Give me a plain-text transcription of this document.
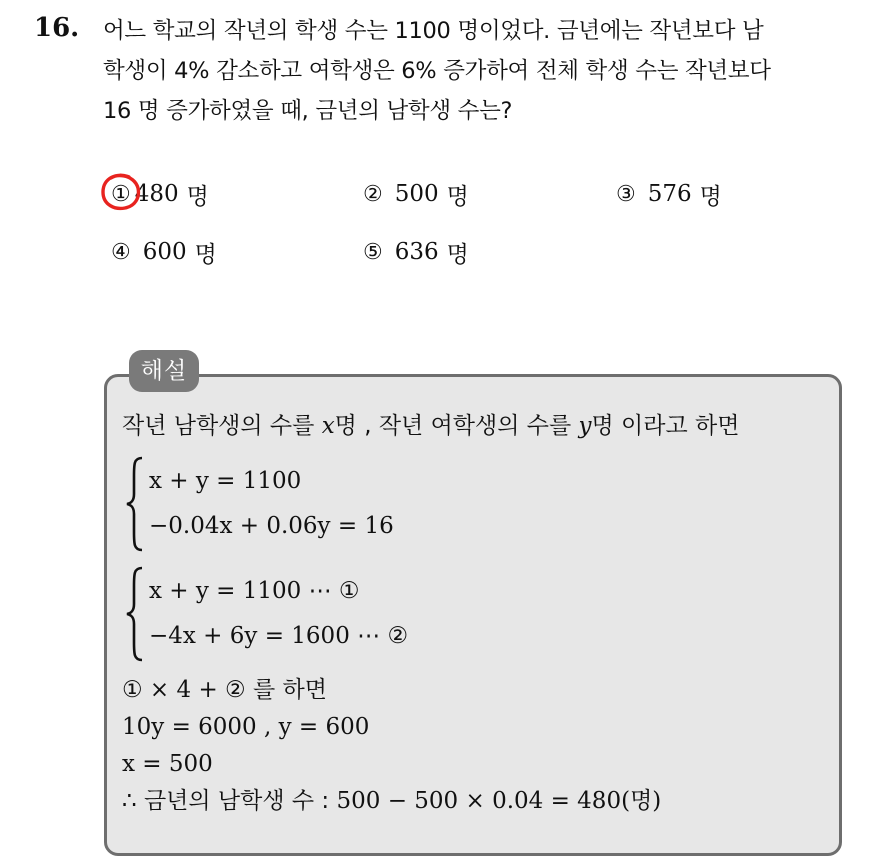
16. 어느 학교의 작년의 학생 수는 1100 명이었다. 금년에는 작년보다 남
학생이 4% 감소하고 여학생은 6% 증가하여 전체 학생 수는 작년보다
16 명 증가하였을 때, 금년의 남학생 수는?
① 480 명	② 500 명	③ 576 명
④ 600 명	⑤ 636 명
해설
작년 남학생의 수를 x명 , 작년 여학생의 수를 y명 이라고 하면
x + y = 1100
−0.04x + 0.06y = 16
x + y = 1100 ⋯ ①
−4x + 6y = 1600 ⋯ ②
① × 4 + ② 를 하면
10y = 6000 , y = 600
x = 500
∴ 금년의 남학생 수 : 500 − 500 × 0.04 = 480(명)
